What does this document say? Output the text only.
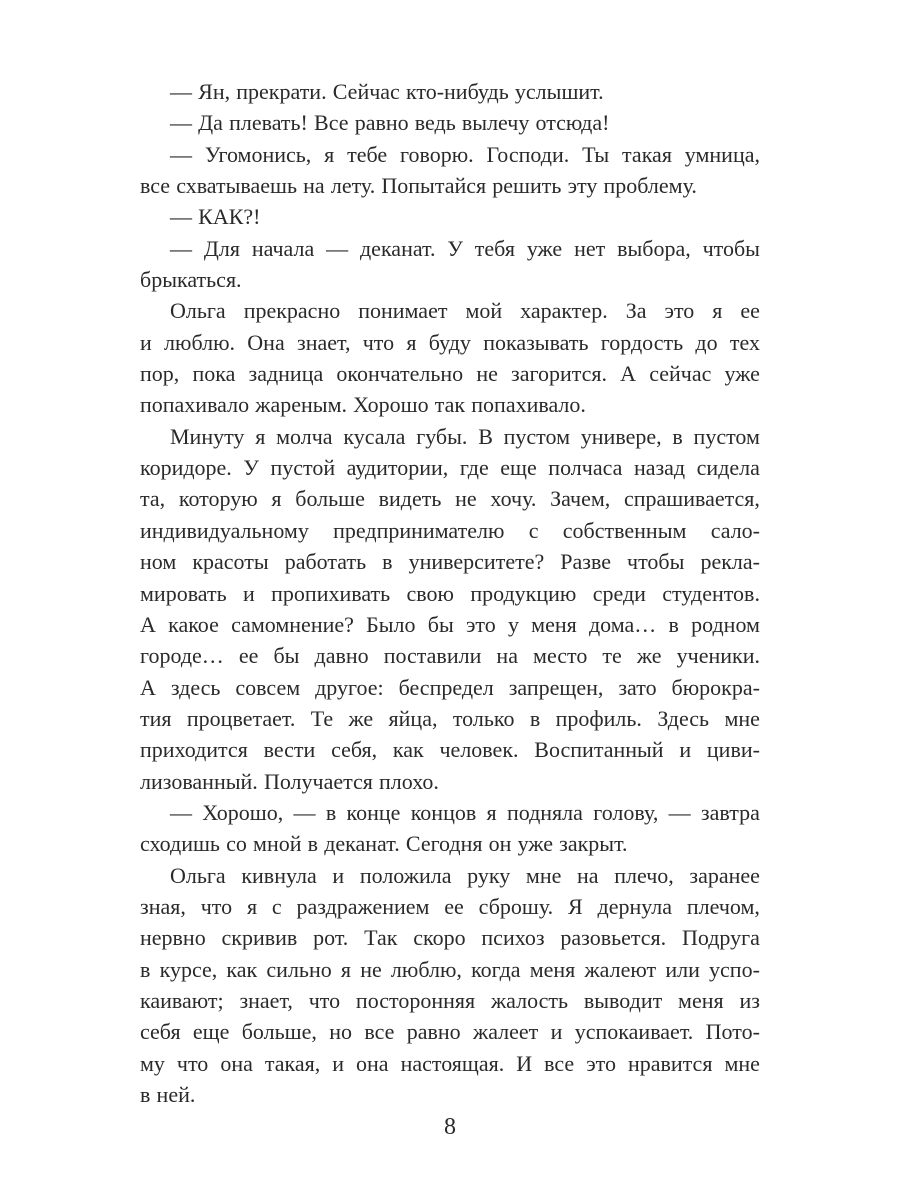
— Ян, прекрати. Сейчас кто-нибудь услышит.
— Да плевать! Все равно ведь вылечу отсюда!
— Угомонись, я тебе говорю. Господи. Ты такая умница,
все схватываешь на лету. Попытайся решить эту проблему.
— КАК?!
— Для начала — деканат. У тебя уже нет выбора, чтобы
брыкаться.
Ольга прекрасно понимает мой характер. За это я ее
и люблю. Она знает, что я буду показывать гордость до тех
пор, пока задница окончательно не загорится. А сейчас уже
попахивало жареным. Хорошо так попахивало.
Минуту я молча кусала губы. В пустом универе, в пустом
коридоре. У пустой аудитории, где еще полчаса назад сидела
та, которую я больше видеть не хочу. Зачем, спрашивается,
индивидуальному предпринимателю с собственным сало-
ном красоты работать в университете? Разве чтобы рекла-
мировать и пропихивать свою продукцию среди студентов.
А какое самомнение? Было бы это у меня дома… в родном
городе… ее бы давно поставили на место те же ученики.
А здесь совсем другое: беспредел запрещен, зато бюрокра-
тия процветает. Те же яйца, только в профиль. Здесь мне
приходится вести себя, как человек. Воспитанный и циви-
лизованный. Получается плохо.
— Хорошо, — в конце концов я подняла голову, — завтра
сходишь со мной в деканат. Сегодня он уже закрыт.
Ольга кивнула и положила руку мне на плечо, заранее
зная, что я с раздражением ее сброшу. Я дернула плечом,
нервно скривив рот. Так скоро психоз разовьется. Подруга
в курсе, как сильно я не люблю, когда меня жалеют или успо-
каивают; знает, что посторонняя жалость выводит меня из
себя еще больше, но все равно жалеет и успокаивает. Пото-
му что она такая, и она настоящая. И все это нравится мне
в ней.
8
